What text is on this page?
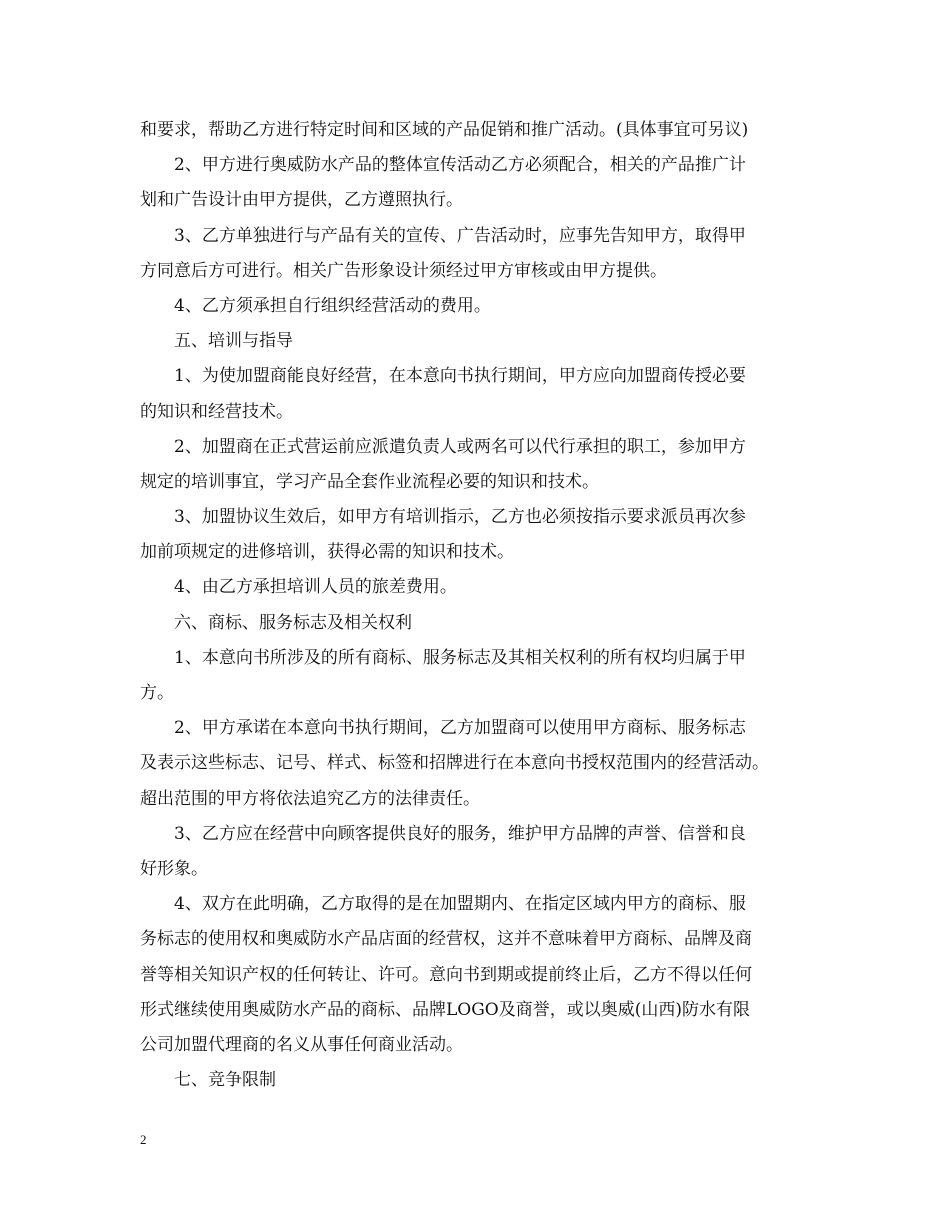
和要求，帮助乙方进行特定时间和区域的产品促销和推广活动。(具体事宜可另议)
2、甲方进行奥威防水产品的整体宣传活动乙方必须配合，相关的产品推广计
划和广告设计由甲方提供，乙方遵照执行。
3、乙方单独进行与产品有关的宣传、广告活动时，应事先告知甲方，取得甲
方同意后方可进行。相关广告形象设计须经过甲方审核或由甲方提供。
4、乙方须承担自行组织经营活动的费用。
五、培训与指导
1、为使加盟商能良好经营，在本意向书执行期间，甲方应向加盟商传授必要
的知识和经营技术。
2、加盟商在正式营运前应派遣负责人或两名可以代行承担的职工，参加甲方
规定的培训事宜，学习产品全套作业流程必要的知识和技术。
3、加盟协议生效后，如甲方有培训指示，乙方也必须按指示要求派员再次参
加前项规定的进修培训，获得必需的知识和技术。
4、由乙方承担培训人员的旅差费用。
六、商标、服务标志及相关权利
1、本意向书所涉及的所有商标、服务标志及其相关权利的所有权均归属于甲
方。
2、甲方承诺在本意向书执行期间，乙方加盟商可以使用甲方商标、服务标志
及表示这些标志、记号、样式、标签和招牌进行在本意向书授权范围内的经营活动。
超出范围的甲方将依法追究乙方的法律责任。
3、乙方应在经营中向顾客提供良好的服务，维护甲方品牌的声誉、信誉和良
好形象。
4、双方在此明确，乙方取得的是在加盟期内、在指定区域内甲方的商标、服
务标志的使用权和奥威防水产品店面的经营权，这并不意味着甲方商标、品牌及商
誉等相关知识产权的任何转让、许可。意向书到期或提前终止后，乙方不得以任何
形式继续使用奥威防水产品的商标、品牌LOGO及商誉，或以奥威(山西)防水有限
公司加盟代理商的名义从事任何商业活动。
七、竞争限制
2
